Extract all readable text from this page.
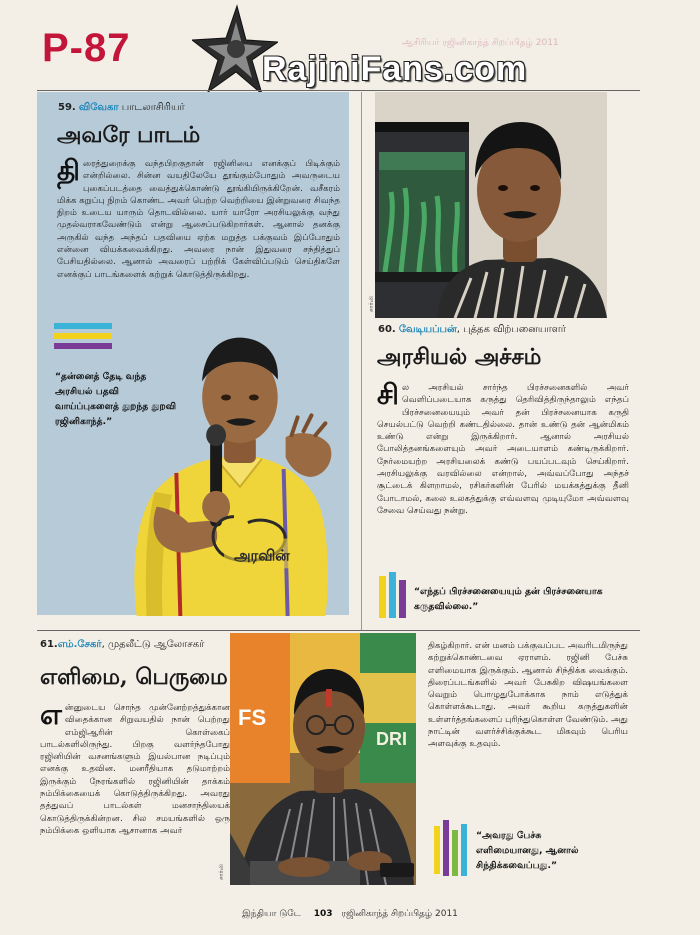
P-87	ஆசிரியர் ரஜினிகாந்த் சிறப்பிதழ் 2011
RajiniFans.com
59. விவேகா பாடலாசிரியர்
அவரே பாடம்
திரைத்துறைக்கு வந்தபிறகுதான் ரஜினியை எனக்குப் பிடிக்கும் என்றில்லை. சின்ன வயதிலேயே தூங்கும்போதும் அவருடைய புகைப்படத்தை வைத்துக்கொண்டு தூங்கியிருக்கிறேன். வசீகரம் மிக்க கறுப்பு நிறம் கொண்ட அவர் பெற்ற வெற்றியை இன்றுவரை சிவந்த நிறம் உடைய யாரும் தொடவில்லை. யார் யாரோ அரசியலுக்கு வந்து முதல்வராகவேண்டும் என்று ஆசைப்படுகிறார்கள். ஆனால் தனக்கு அருகில் வந்த அந்தப் பதவியை ஏற்க மறுத்த பக்குவம் இப்போதும் என்னை வியக்கவைக்கிறது. அவரை நான் இதுவரை சந்தித்துப் பேசியதில்லை. ஆனால் அவரைப் பற்றிக் கேள்விப்படும் செய்திகளே எனக்குப் பாடங்களைக் கற்றுக் கொடுத்திருக்கிறது.
“தன்னைத் தேடி வந்த அரசியல் பதவி வாய்ப்புகளைத் துறந்த துறவி ரஜினிகாந்த்.”
அரவின்
சார்லி
60. வேடியப்பன், புத்தக விற்பனையாளர்
அரசியல் அச்சம்
சில அரசியல் சார்ந்த பிரச்சனைகளில் அவர் வெளிப்படையாக கருத்து தெரிவித்திருந்தாலும் எந்தப் பிரச்சனையையும் அவர் தன் பிரச்சனையாக கருதி செயல்பட்டு வெற்றி கண்டதில்லை. தான் உண்டு தன் ஆன்மிகம் உண்டு என்று இருக்கிறார். ஆனால் அரசியல் போலித்தனங்களையும் அவர் அடையாளம் கண்டிருக்கிறார். நேர்மையற்ற அரசியலைக் கண்டு பயப்படவும் செய்கிறார். அரசியலுக்கு வரவில்லை என்றால், அவ்வப்போது அந்தச் சூட்டைக் கிளறாமல், ரசிகர்களின் பேரில் மயக்கத்துக்கு தீனி போடாமல், கலை உலகத்துக்கு எவ்வளவு முடியுமோ அவ்வளவு சேவை செய்வது நன்று.
“எந்தப் பிரச்சனையையும் தன் பிரச்சனையாக கருதவில்லை.”
61.எம்.சேகர், முதலீட்டு ஆலோசகர்
எளிமை, பெருமை
என்னுடைய சொந்த முன்னேற்றத்துக்கான விதைக்கான சிறுவயதில் நான் பெற்றது எம்ஜிஆரின் கொள்கைப் பாடல்களிலிருந்து. பிறகு வளர்ந்தபோது ரஜினியின் வசனங்களும் இயல்பான நடிப்பும் எனக்கு உதவின. மனரீதியாக தடுமாற்றம் இருக்கும் நேரங்களில் ரஜினியின் தாக்கம் நம்பிக்கையைக் கொடுத்திருக்கிறது. அவரது தத்துவப் பாடல்கள் மனசாந்தியைக் கொடுத்திருக்கின்றன. சில சமயங்களில் ஒரு நம்பிக்கை ஒளியாக ஆசானாக அவர்
FS
DRI
சார்லி
திகழ்கிறார். என் மனம் பக்குவப்பட அவரிடமிருந்து கற்றுக்கொண்டவை ஏராளம். ரஜினி பேச்சு எளிமையாக இருக்கும். ஆனால் சிந்திக்க வைக்கும். திரைப்படங்களில் அவர் பேசுகிற விஷயங்களை வெறும் பொழுதுபோக்காக நாம் எடுத்துக் கொள்ளக்கூடாது. அவர் கூறிய கருத்துகளின் உள்ளர்த்தங்களைப் புரிந்துகொள்ள வேண்டும். அது நாட்டின் வளர்ச்சிக்குக்கூட மிகவும் பெரிய அளவுக்கு உதவும்.
“அவரது பேச்சு எளிமையானது, ஆனால் சிந்திக்கவைப்பது.”
இந்தியா டுடே 103 ரஜினிகாந்த் சிறப்பிதழ் 2011
